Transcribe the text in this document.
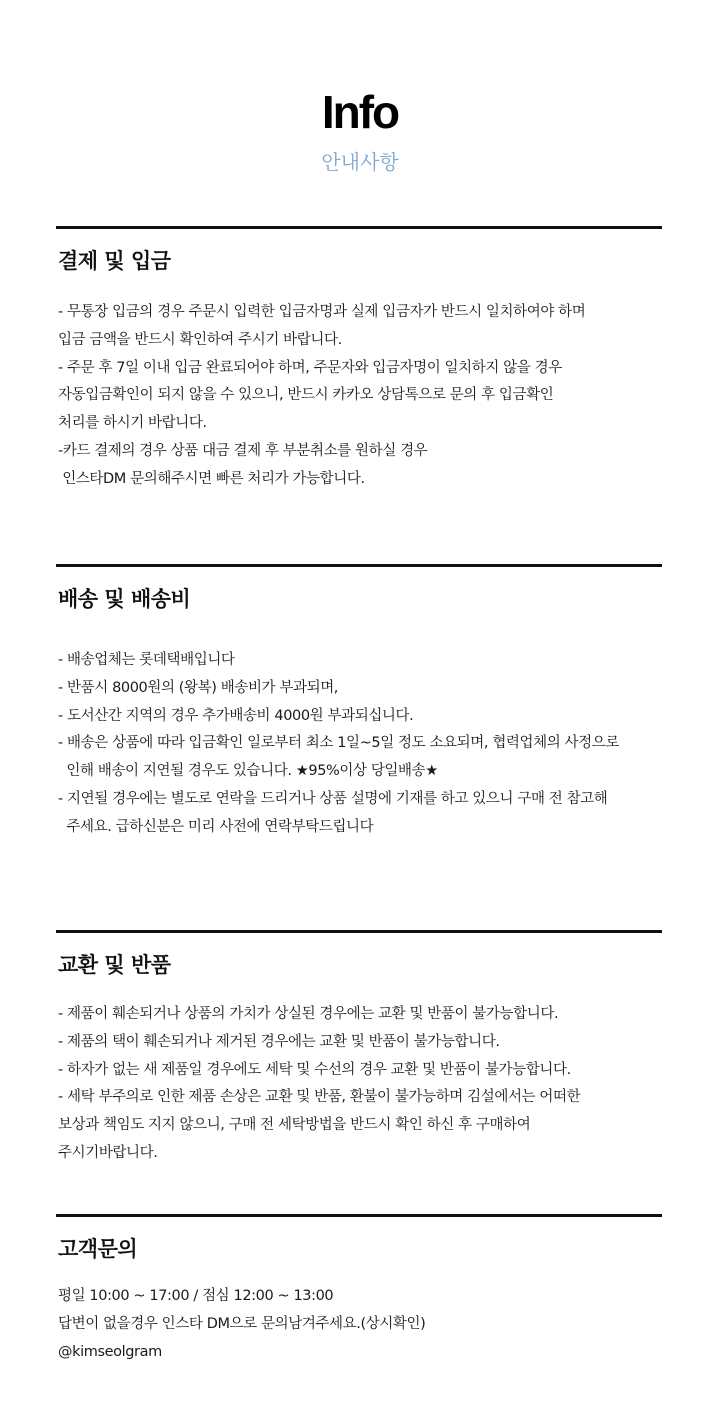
Info
안내사항
결제 및 입금
- 무통장 입금의 경우 주문시 입력한 입금자명과 실제 입금자가 반드시 일치하여야 하며
입금 금액을 반드시 확인하여 주시기 바랍니다.
- 주문 후 7일 이내 입금 완료되어야 하며, 주문자와 입금자명이 일치하지 않을 경우
자동입금확인이 되지 않을 수 있으니, 반드시 카카오 상담톡으로 문의 후 입금확인
처리를 하시기 바랍니다.
-카드 결제의 경우 상품 대금 결제 후 부분취소를 원하실 경우
인스타DM 문의해주시면 빠른 처리가 가능합니다.
배송 및 배송비
- 배송업체는 롯데택배입니다
- 반품시 8000원의 (왕복) 배송비가 부과되며,
- 도서산간 지역의 경우 추가배송비 4000원 부과되십니다.
- 배송은 상품에 따라 입금확인 일로부터 최소 1일~5일 정도 소요되며, 협력업체의 사정으로
인해 배송이 지연될 경우도 있습니다. ★95%이상 당일배송★
- 지연될 경우에는 별도로 연락을 드리거나 상품 설명에 기재를 하고 있으니 구매 전 참고해
주세요. 급하신분은 미리 사전에 연락부탁드립니다
교환 및 반품
- 제품이 훼손되거나 상품의 가치가 상실된 경우에는 교환 및 반품이 불가능합니다.
- 제품의 택이 훼손되거나 제거된 경우에는 교환 및 반품이 불가능합니다.
- 하자가 없는 새 제품일 경우에도 세탁 및 수선의 경우 교환 및 반품이 불가능합니다.
- 세탁 부주의로 인한 제품 손상은 교환 및 반품, 환불이 불가능하며 김설에서는 어떠한
보상과 책임도 지지 않으니, 구매 전 세탁방법을 반드시 확인 하신 후 구매하여
주시기바랍니다.
고객문의
평일 10:00 ~ 17:00 / 점심 12:00 ~ 13:00
답변이 없을경우 인스타 DM으로 문의남겨주세요.(상시확인)
@kimseolgram
